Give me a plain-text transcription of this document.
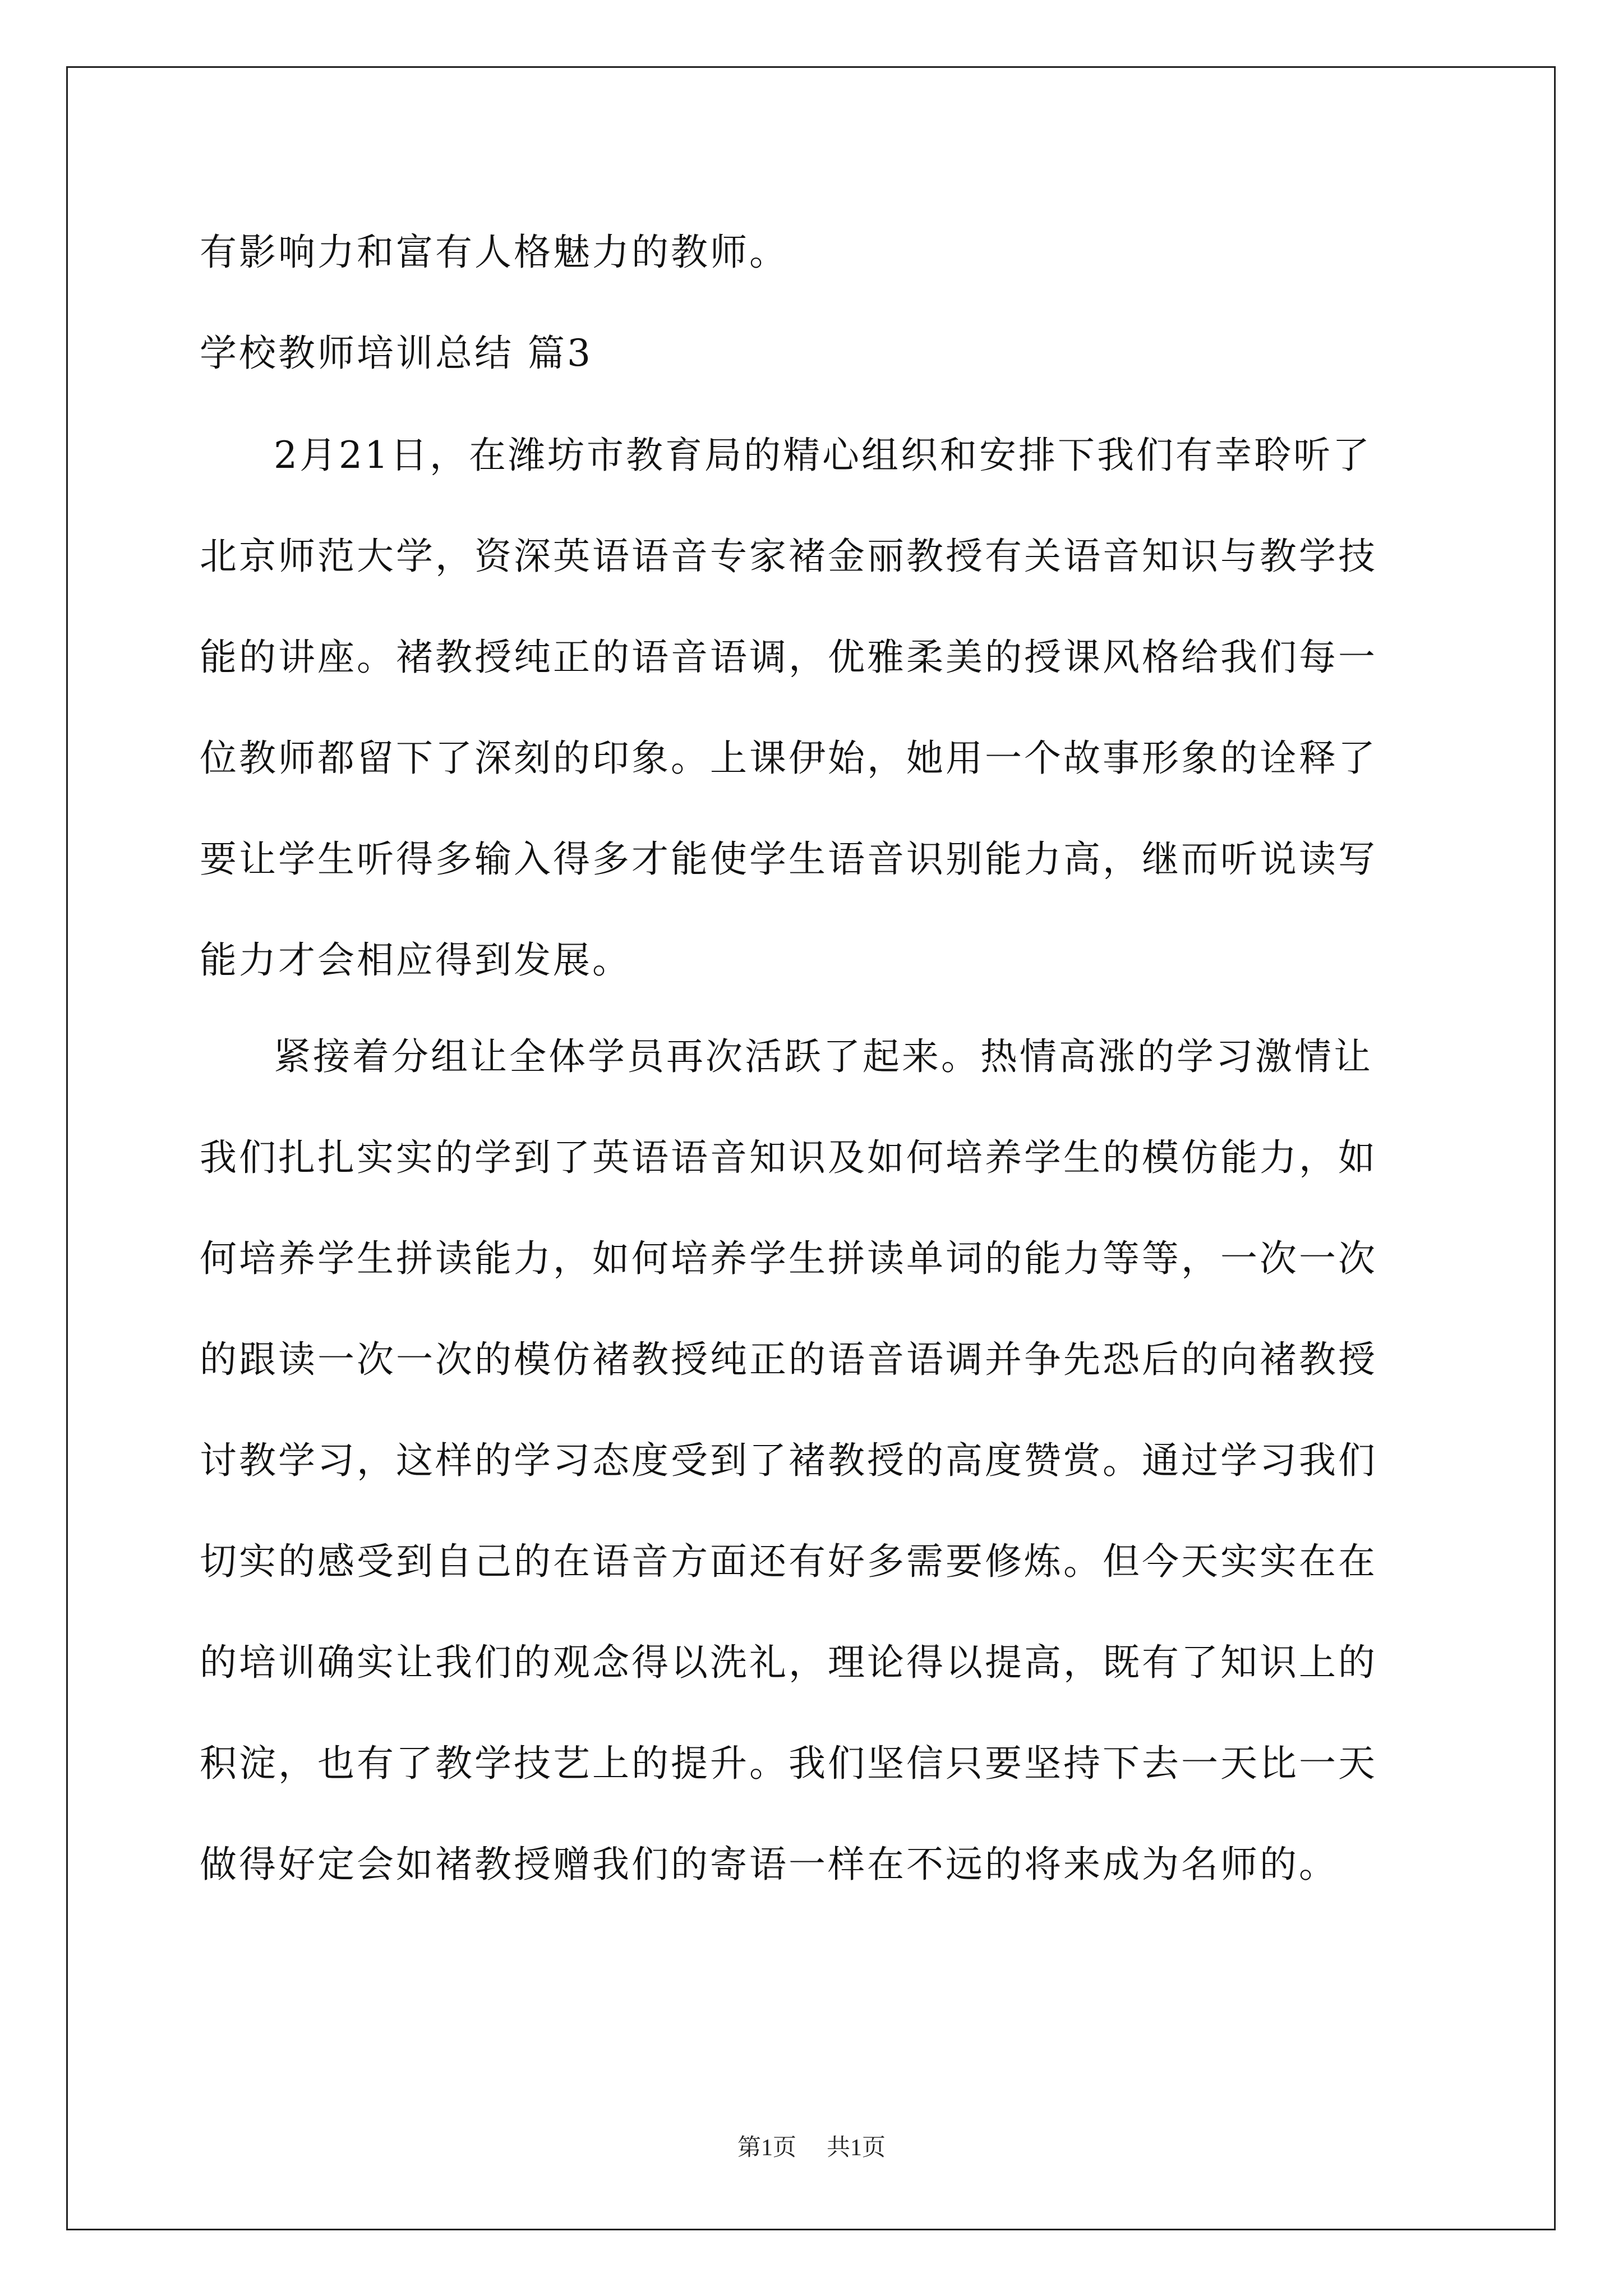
有影响力和富有人格魅力的教师。
学校教师培训总结 篇3
2月21日，在潍坊市教育局的精心组织和安排下我们有幸聆听了
北京师范大学，资深英语语音专家褚金丽教授有关语音知识与教学技
能的讲座。褚教授纯正的语音语调，优雅柔美的授课风格给我们每一
位教师都留下了深刻的印象。上课伊始，她用一个故事形象的诠释了
要让学生听得多输入得多才能使学生语音识别能力高，继而听说读写
能力才会相应得到发展。
紧接着分组让全体学员再次活跃了起来。热情高涨的学习激情让
我们扎扎实实的学到了英语语音知识及如何培养学生的模仿能力，如
何培养学生拼读能力，如何培养学生拼读单词的能力等等，一次一次
的跟读一次一次的模仿褚教授纯正的语音语调并争先恐后的向褚教授
讨教学习，这样的学习态度受到了褚教授的高度赞赏。通过学习我们
切实的感受到自己的在语音方面还有好多需要修炼。但今天实实在在
的培训确实让我们的观念得以洗礼，理论得以提高，既有了知识上的
积淀，也有了教学技艺上的提升。我们坚信只要坚持下去一天比一天
做得好定会如褚教授赠我们的寄语一样在不远的将来成为名师的。
第1页 共1页
